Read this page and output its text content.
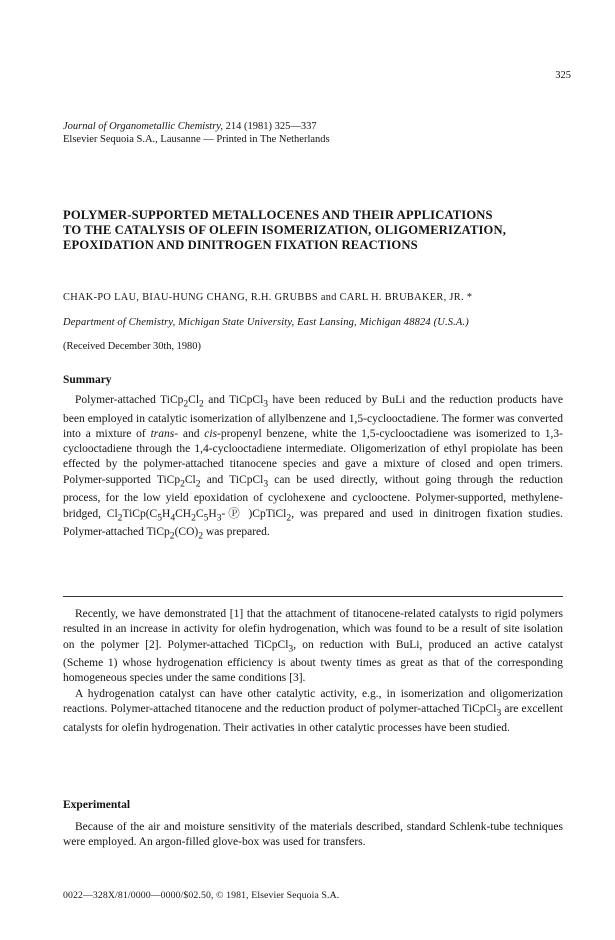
325
Journal of Organometallic Chemistry, 214 (1981) 325—337
Elsevier Sequoia S.A., Lausanne — Printed in The Netherlands
POLYMER-SUPPORTED METALLOCENES AND THEIR APPLICATIONS
TO THE CATALYSIS OF OLEFIN ISOMERIZATION, OLIGOMERIZATION,
EPOXIDATION AND DINITROGEN FIXATION REACTIONS
CHAK-PO LAU, BIAU-HUNG CHANG, R.H. GRUBBS and CARL H. BRUBAKER, JR. *
Department of Chemistry, Michigan State University, East Lansing, Michigan 48824 (U.S.A.)
(Received December 30th, 1980)
Summary

Polymer-attached $TiCp_2Cl_2$ and TiCpCl$_3$ have been reduced by BuLi and the reduction products have been employed in catalytic isomerization of allylbenzene and 1,5-cyclooctadiene. The former was converted into a mixture of trans- and cis-propenyl benzene, white the 1,5-cyclooctadiene was isomerized to 1,3-cyclooctadiene through the 1,4-cyclooctadiene intermediate. Oligomerization of ethyl propiolate has been effected by the polymer-attached titanocene species and gave a mixture of closed and open trimers. Polymer-supported $TiCp_2Cl_2$ and TiCpCl$_3$ can be used directly, without going through the reduction process, for the low yield epoxidation of cyclohexene and cyclooctene. Polymer-supported, methylene-bridged, $Cl_2TiCp(C_5H_4CH_2C_5H_3-Ⓟ$ )CpTiCl$_2$, was prepared and used in dinitrogen fixation studies. Polymer-attached $TiCp_2(CO)_2$ was prepared.

Recently, we have demonstrated [1] that the attachment of titanocene-related catalysts to rigid polymers resulted in an increase in activity for olefin hydrogenation, which was found to be a result of site isolation on the polymer [2]. Polymer-attached TiCpCl$_3$, on reduction with BuLi, produced an active catalyst (Scheme 1) whose hydrogenation efficiency is about twenty times as great as that of the corresponding homogeneous species under the same conditions [3].

A hydrogenation catalyst can have other catalytic activity, e.g., in isomerization and oligomerization reactions. Polymer-attached titanocene and the reduction product of polymer-attached TiCpCl$_3$ are excellent catalysts for olefin hydrogenation. Their activaties in other catalytic processes have been studied.

Experimental

Because of the air and moisture sensitivity of the materials described, standard Schlenk-tube techniques were employed. An argon-filled glove-box was used for transfers.

0022—328X/81/0000—0000/$02.50, © 1981, Elsevier Sequoia S.A.
